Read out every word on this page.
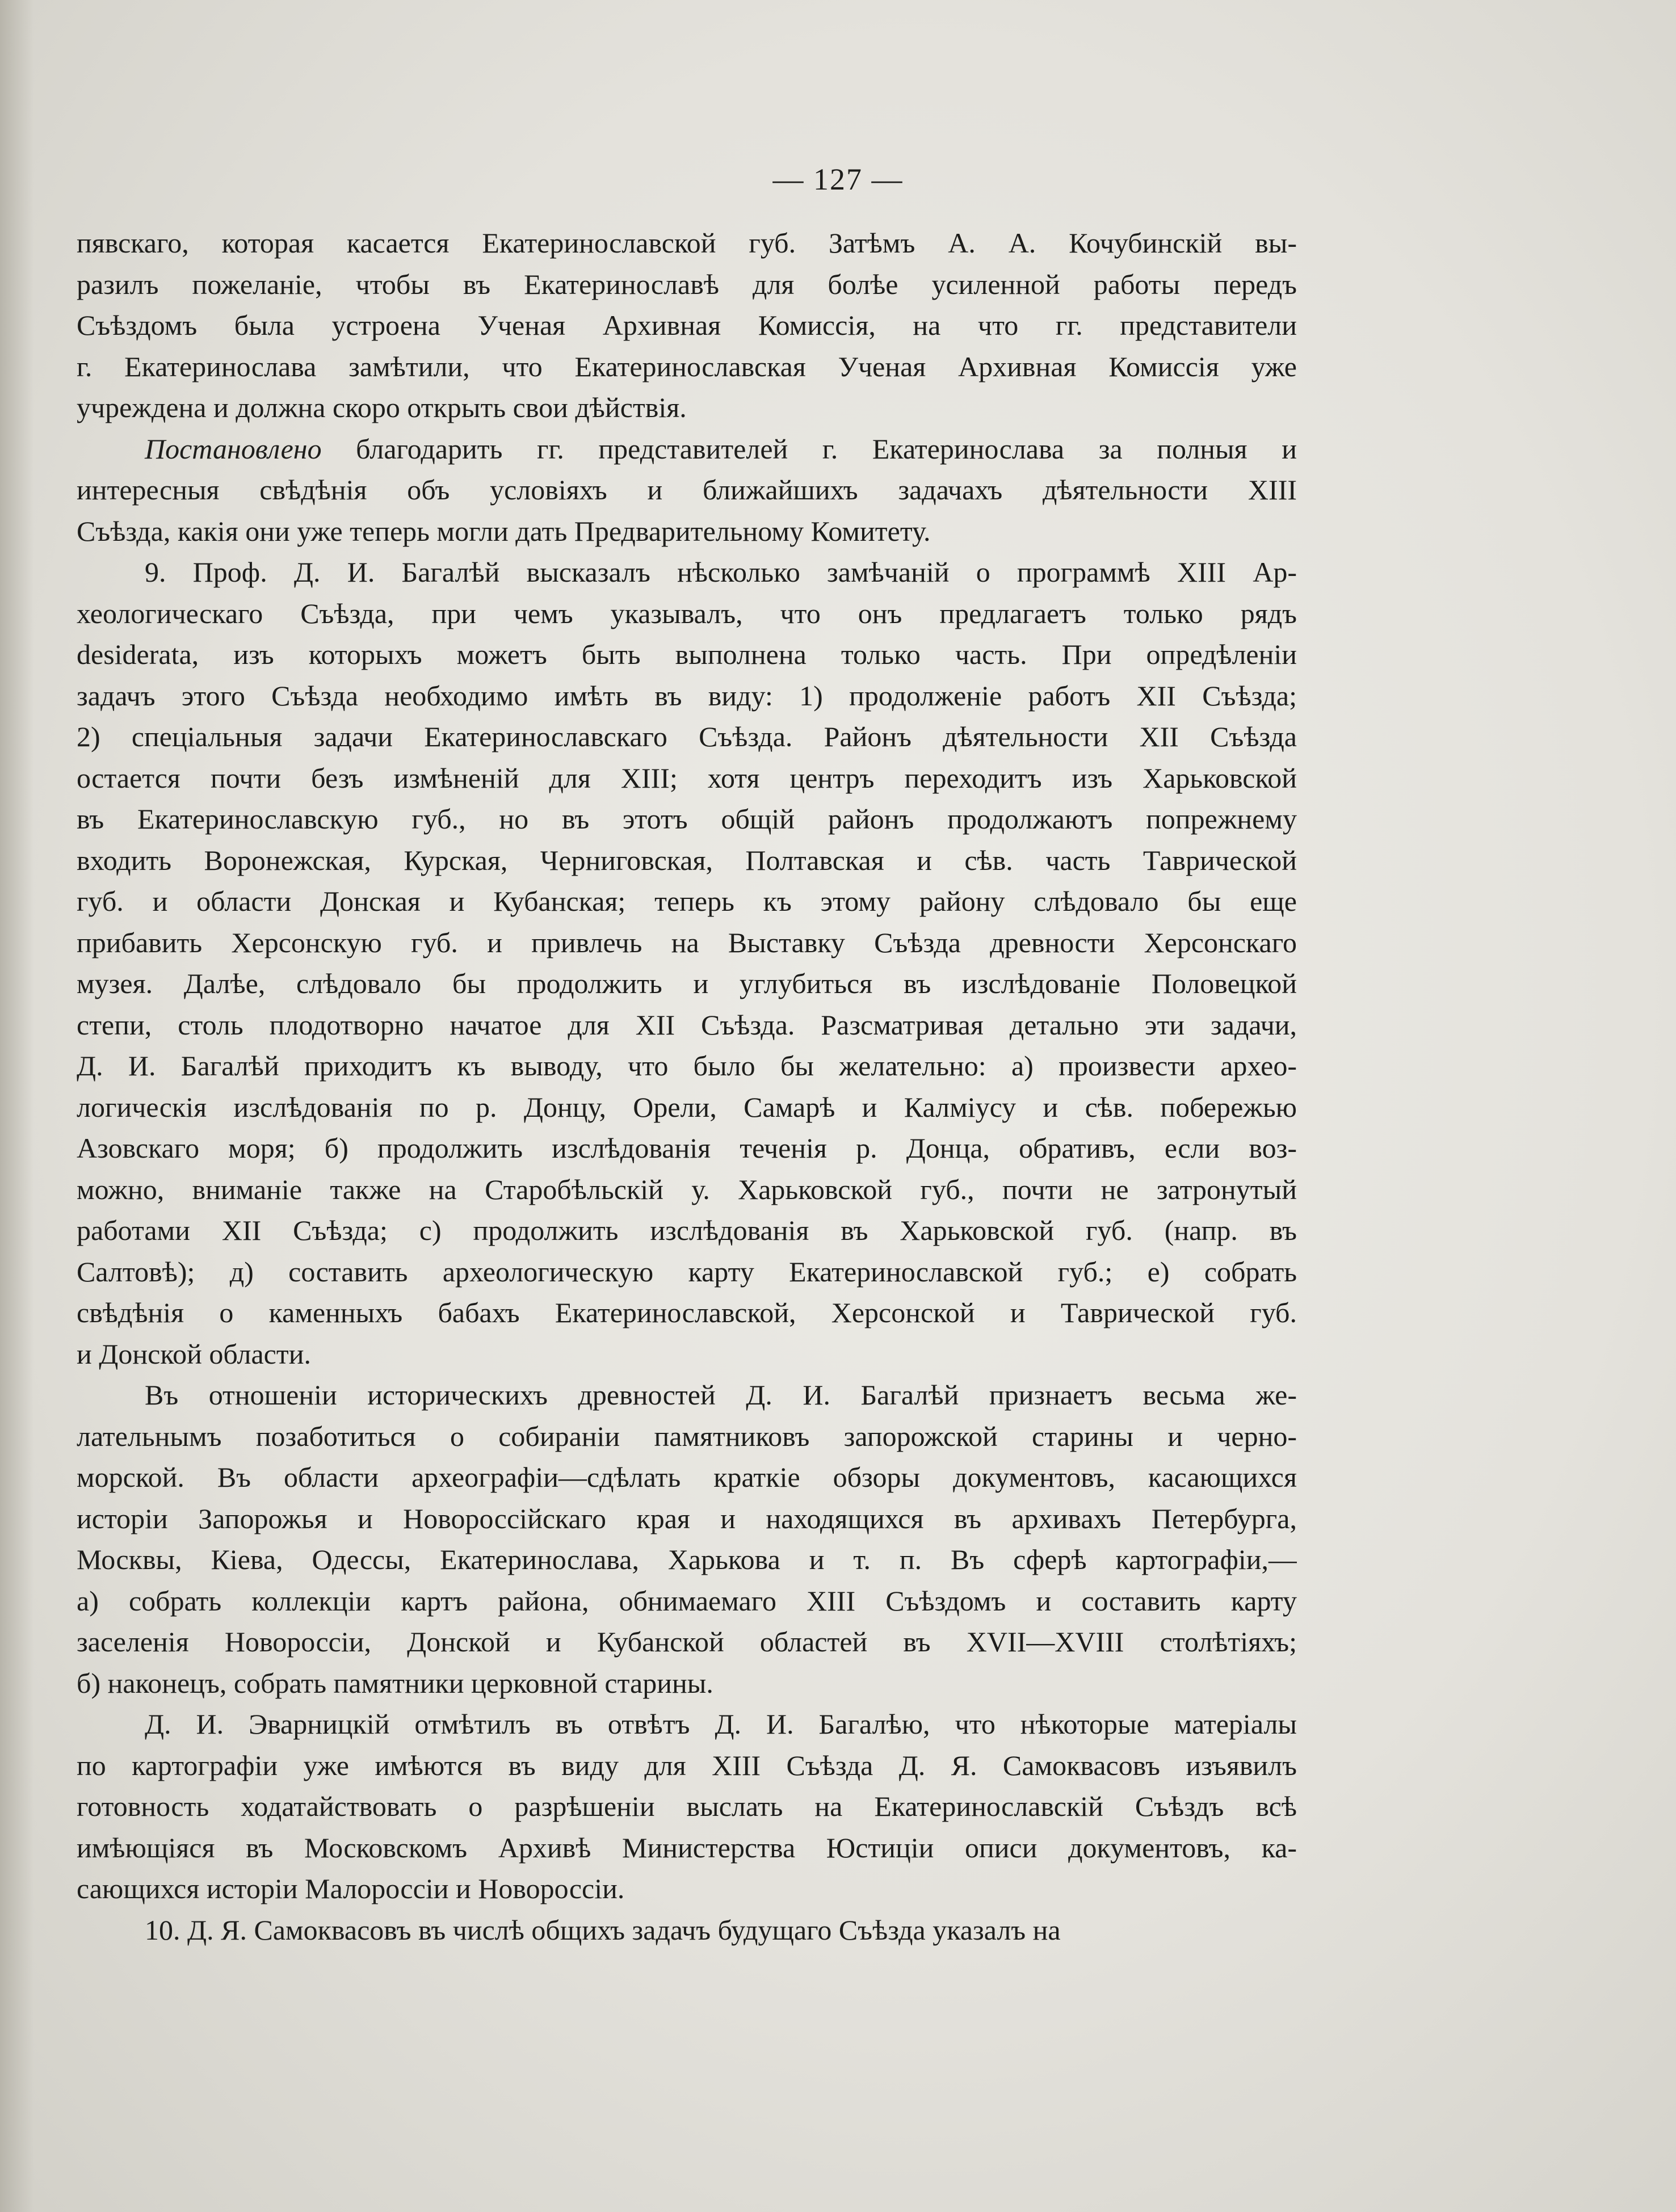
— 127 —

пявскаго, которая касается Екатеринославской губ. Затѣмъ А. А. Кочубинскій вы-
разилъ пожеланіе, чтобы въ Екатеринославѣ для болѣе усиленной работы передъ
Съѣздомъ была устроена Ученая Архивная Комиссія, на что гг. представители
г. Екатеринослава замѣтили, что Екатеринославская Ученая Архивная Комиссія уже
учреждена и должна скоро открыть свои дѣйствія.

Постановлено благодарить гг. представителей г. Екатеринослава за полныя и
интересныя свѣдѣнія объ условіяхъ и ближайшихъ задачахъ дѣятельности XIII
Съѣзда, какія они уже теперь могли дать Предварительному Комитету.

9. Проф. Д. И. Багалѣй высказалъ нѣсколько замѣчаній о программѣ XIII Ар-
хеологическаго Съѣзда, при чемъ указывалъ, что онъ предлагаетъ только рядъ
desiderata, изъ которыхъ можетъ быть выполнена только часть. При опредѣленіи
задачъ этого Съѣзда необходимо имѣть въ виду: 1) продолженіе работъ XII Съѣзда;
2) спеціальныя задачи Екатеринославскаго Съѣзда. Районъ дѣятельности XII Съѣзда
остается почти безъ измѣненій для XIII; хотя центръ переходитъ изъ Харьковской
въ Екатеринославскую губ., но въ этотъ общій районъ продолжаютъ попрежнему
входить Воронежская, Курская, Черниговская, Полтавская и сѣв. часть Таврической
губ. и области Донская и Кубанская; теперь къ этому району слѣдовало бы еще
прибавить Херсонскую губ. и привлечь на Выставку Съѣзда древности Херсонскаго
музея. Далѣе, слѣдовало бы продолжить и углубиться въ изслѣдованіе Половецкой
степи, столь плодотворно начатое для XII Съѣзда. Разсматривая детально эти задачи,
Д. И. Багалѣй приходитъ къ выводу, что было бы желательно: а) произвести архео-
логическія изслѣдованія по р. Донцу, Орели, Самарѣ и Калміусу и сѣв. побережью
Азовскаго моря; б) продолжить изслѣдованія теченія р. Донца, обративъ, если воз-
можно, вниманіе также на Старобѣльскій у. Харьковской губ., почти не затронутый
работами XII Съѣзда; с) продолжить изслѣдованія въ Харьковской губ. (напр. въ
Салтовѣ); д) составить археологическую карту Екатеринославской губ.; е) собрать
свѣдѣнія о каменныхъ бабахъ Екатеринославской, Херсонской и Таврической губ.
и Донской области.

Въ отношеніи историческихъ древностей Д. И. Багалѣй признаетъ весьма же-
лательнымъ позаботиться о собираніи памятниковъ запорожской старины и черно-
морской. Въ области археографіи—сдѣлать краткіе обзоры документовъ, касающихся
исторіи Запорожья и Новороссійскаго края и находящихся въ архивахъ Петербурга,
Москвы, Кіева, Одессы, Екатеринослава, Харькова и т. п. Въ сферѣ картографіи,—
а) собрать коллекціи картъ района, обнимаемаго XIII Съѣздомъ и составить карту
заселенія Новороссіи, Донской и Кубанской областей въ XVII—XVIII столѣтіяхъ;
б) наконецъ, собрать памятники церковной старины.

Д. И. Эварницкій отмѣтилъ въ отвѣтъ Д. И. Багалѣю, что нѣкоторые матеріалы
по картографіи уже имѣются въ виду для XIII Съѣзда Д. Я. Самоквасовъ изъявилъ
готовность ходатайствовать о разрѣшеніи выслать на Екатеринославскій Съѣздъ всѣ
имѣющіяся въ Московскомъ Архивѣ Министерства Юстиціи описи документовъ, ка-
сающихся исторіи Малороссіи и Новороссіи.

10. Д. Я. Самоквасовъ въ числѣ общихъ задачъ будущаго Съѣзда указалъ на
